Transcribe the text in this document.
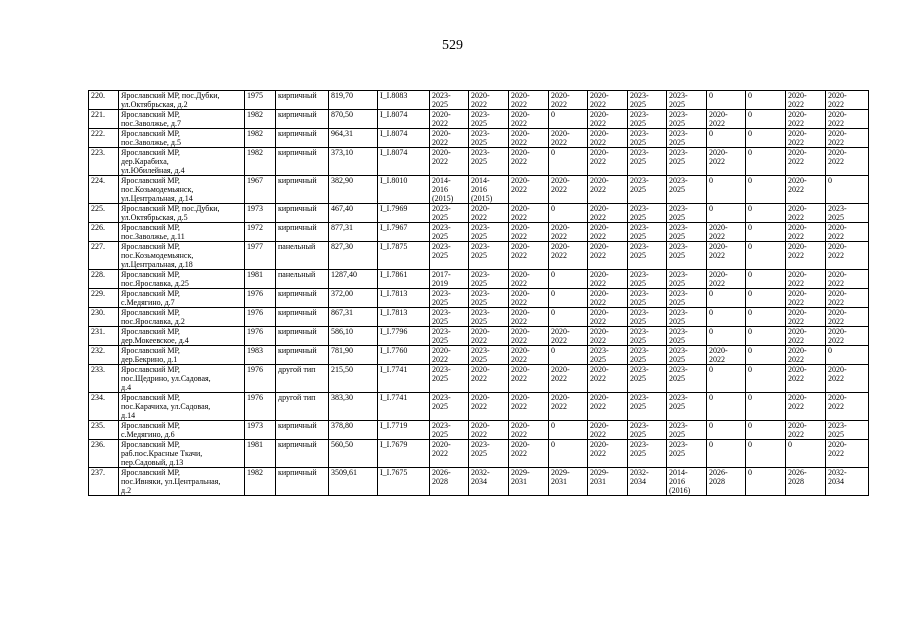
529
220.	Ярославский МР, пос.Дубки,
ул.Октябрьская, д.2	1975	кирпичный	819,70	I_I.8083	2023-
2025	2020-
2022	2020-
2022	2020-
2022	2020-
2022	2023-
2025	2023-
2025	0	0	2020-
2022	2020-
2022
221.	Ярославский МР,
пос.Заволжье, д.7	1982	кирпичный	870,50	I_I.8074	2020-
2022	2023-
2025	2020-
2022	0	2020-
2022	2023-
2025	2023-
2025	2020-
2022	0	2020-
2022	2020-
2022
222.	Ярославский МР,
пос.Заволжье, д.5	1982	кирпичный	964,31	I_I.8074	2020-
2022	2023-
2025	2020-
2022	2020-
2022	2020-
2022	2023-
2025	2023-
2025	0	0	2020-
2022	2020-
2022
223.	Ярославский МР,
дер.Карабиха,
ул.Юбилейная, д.4	1982	кирпичный	373,10	I_I.8074	2020-
2022	2023-
2025	2020-
2022	0	2020-
2022	2023-
2025	2023-
2025	2020-
2022	0	2020-
2022	2020-
2022
224.	Ярославский МР,
пос.Козьмодемьянск,
ул.Центральная, д.14	1967	кирпичный	382,90	I_I.8010	2014-
2016
(2015)	2014-
2016
(2015)	2020-
2022	2020-
2022	2020-
2022	2023-
2025	2023-
2025	0	0	2020-
2022	0
225.	Ярославский МР, пос.Дубки,
ул.Октябрьская, д.5	1973	кирпичный	467,40	I_I.7969	2023-
2025	2020-
2022	2020-
2022	0	2020-
2022	2023-
2025	2023-
2025	0	0	2020-
2022	2023-
2025
226.	Ярославский МР,
пос.Заволжье, д.11	1972	кирпичный	877,31	I_I.7967	2023-
2025	2023-
2025	2020-
2022	2020-
2022	2020-
2022	2023-
2025	2023-
2025	2020-
2022	0	2020-
2022	2020-
2022
227.	Ярославский МР,
пос.Козьмодемьянск,
ул.Центральная, д.18	1977	панельный	827,30	I_I.7875	2023-
2025	2023-
2025	2020-
2022	2020-
2022	2020-
2022	2023-
2025	2023-
2025	2020-
2022	0	2020-
2022	2020-
2022
228.	Ярославский МР,
пос.Ярославка, д.25	1981	панельный	1287,40	I_I.7861	2017-
2019	2023-
2025	2020-
2022	0	2020-
2022	2023-
2025	2023-
2025	2020-
2022	0	2020-
2022	2020-
2022
229.	Ярославский МР,
с.Медягино, д.7	1976	кирпичный	372,00	I_I.7813	2023-
2025	2023-
2025	2020-
2022	0	2020-
2022	2023-
2025	2023-
2025	0	0	2020-
2022	2020-
2022
230.	Ярославский МР,
пос.Ярославка, д.2	1976	кирпичный	867,31	I_I.7813	2023-
2025	2023-
2025	2020-
2022	0	2020-
2022	2023-
2025	2023-
2025	0	0	2020-
2022	2020-
2022
231.	Ярославский МР,
дер.Мокеевское, д.4	1976	кирпичный	586,10	I_I.7796	2023-
2025	2020-
2022	2020-
2022	2020-
2022	2020-
2022	2023-
2025	2023-
2025	0	0	2020-
2022	2020-
2022
232.	Ярославский МР,
дер.Бекрино, д.1	1983	кирпичный	781,90	I_I.7760	2020-
2022	2023-
2025	2020-
2022	0	2023-
2025	2023-
2025	2023-
2025	2020-
2022	0	2020-
2022	0
233.	Ярославский МР,
пос.Щедрино, ул.Садовая,
д.4	1976	другой тип	215,50	I_I.7741	2023-
2025	2020-
2022	2020-
2022	2020-
2022	2020-
2022	2023-
2025	2023-
2025	0	0	2020-
2022	2020-
2022
234.	Ярославский МР,
пос.Карачиха, ул.Садовая,
д.14	1976	другой тип	383,30	I_I.7741	2023-
2025	2020-
2022	2020-
2022	2020-
2022	2020-
2022	2023-
2025	2023-
2025	0	0	2020-
2022	2020-
2022
235.	Ярославский МР,
с.Медягино, д.6	1973	кирпичный	378,80	I_I.7719	2023-
2025	2020-
2022	2020-
2022	0	2020-
2022	2023-
2025	2023-
2025	0	0	2020-
2022	2023-
2025
236.	Ярославский МР,
раб.пос.Красные Ткачи,
пер.Садовый, д.13	1981	кирпичный	560,50	I_I.7679	2020-
2022	2023-
2025	2020-
2022	0	2020-
2022	2023-
2025	2023-
2025	0	0	0	2020-
2022
237.	Ярославский МР,
пос.Ивняки, ул.Центральная,
д.2	1982	кирпичный	3509,61	I_I.7675	2026-
2028	2032-
2034	2029-
2031	2029-
2031	2029-
2031	2032-
2034	2014-
2016
(2016)	2026-
2028	0	2026-
2028	2032-
2034
